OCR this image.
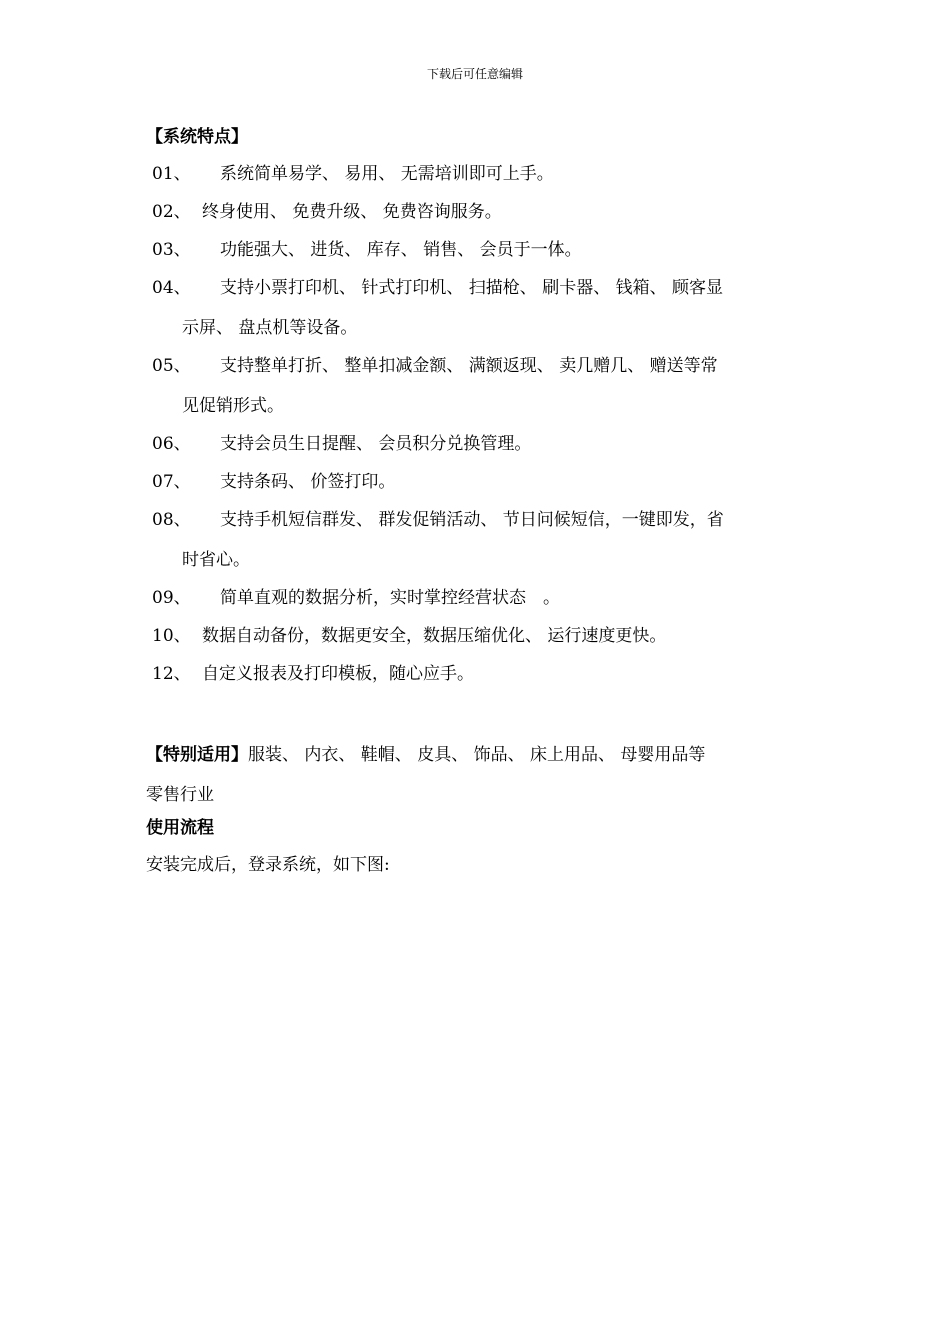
下载后可任意编辑
【系统特点】
01、 系统简单易学、 易用、 无需培训即可上手。
02、 终身使用、 免费升级、 免费咨询服务。
03、 功能强大、 进货、 库存、 销售、 会员于一体。
04、 支持小票打印机、 针式打印机、 扫描枪、 刷卡器、 钱箱、 顾客显
示屏、 盘点机等设备。
05、 支持整单打折、 整单扣减金额、 满额返现、 卖几赠几、 赠送等常
见促销形式。
06、 支持会员生日提醒、 会员积分兑换管理。
07、 支持条码、 价签打印。
08、 支持手机短信群发、 群发促销活动、 节日问候短信，一键即发，省
时省心。
09、 简单直观的数据分析，实时掌控经营状态　。
10、 数据自动备份，数据更安全，数据压缩优化、 运行速度更快。
12、 自定义报表及打印模板，随心应手。
【特别适用】服装、 内衣、 鞋帽、 皮具、 饰品、 床上用品、 母婴用品等
零售行业
使用流程
安装完成后，登录系统，如下图:
